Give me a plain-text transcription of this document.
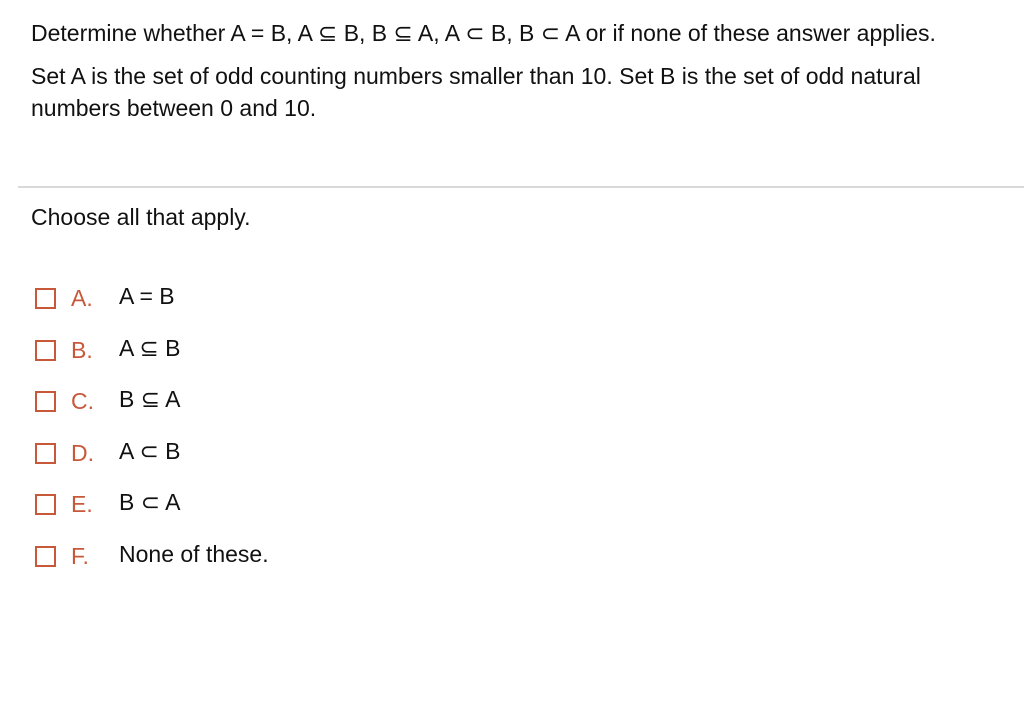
Determine whether A = B, A ⊆ B, B ⊆ A, A ⊂ B, B ⊂ A or if none of these answer applies.

Set A is the set of odd counting numbers smaller than 10. Set B is the set of odd natural numbers between 0 and 10.

Choose all that apply.

A.	A = B
B.	A ⊆ B
C.	B ⊆ A
D.	A ⊂ B
E.	B ⊂ A
F.	None of these.
